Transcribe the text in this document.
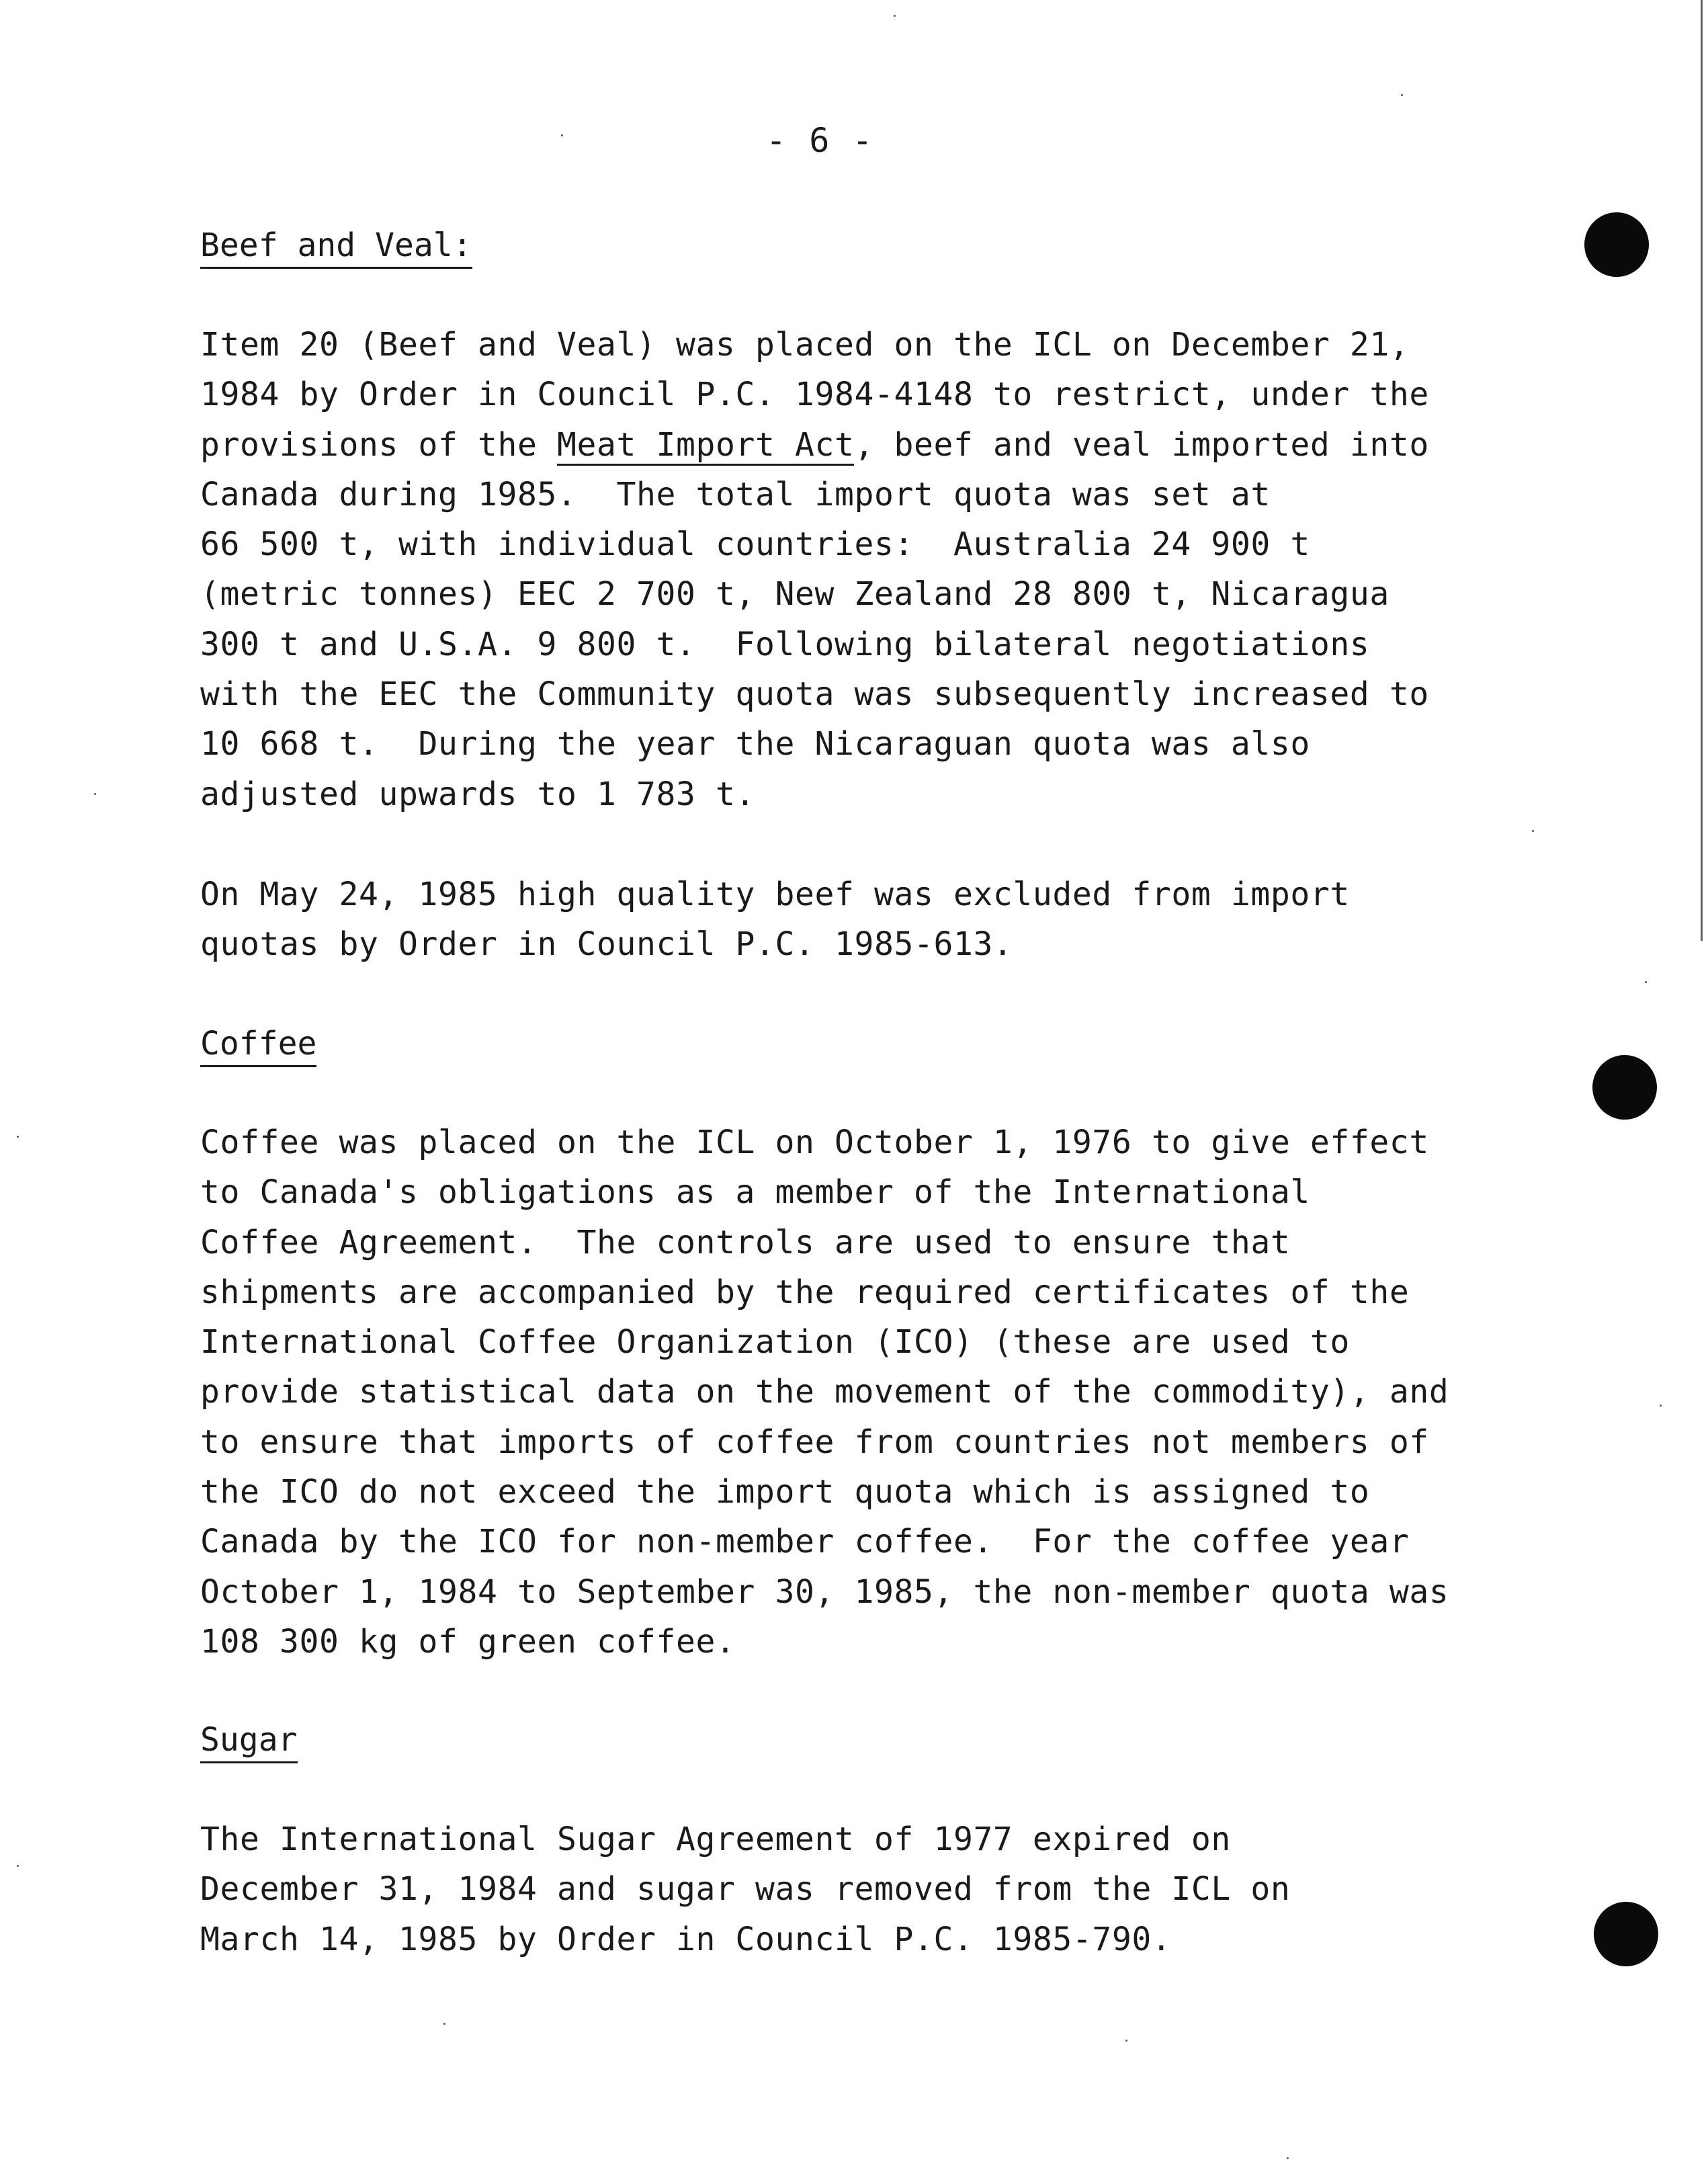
- 6 -
Beef and Veal:

Item 20 (Beef and Veal) was placed on the ICL on December 21,
1984 by Order in Council P.C. 1984-4148 to restrict, under the
provisions of the Meat Import Act, beef and veal imported into
Canada during 1985.  The total import quota was set at
66 500 t, with individual countries:  Australia 24 900 t
(metric tonnes) EEC 2 700 t, New Zealand 28 800 t, Nicaragua
300 t and U.S.A. 9 800 t.  Following bilateral negotiations
with the EEC the Community quota was subsequently increased to
10 668 t.  During the year the Nicaraguan quota was also
adjusted upwards to 1 783 t.

On May 24, 1985 high quality beef was excluded from import
quotas by Order in Council P.C. 1985-613.

Coffee

Coffee was placed on the ICL on October 1, 1976 to give effect
to Canada's obligations as a member of the International
Coffee Agreement.  The controls are used to ensure that
shipments are accompanied by the required certificates of the
International Coffee Organization (ICO) (these are used to
provide statistical data on the movement of the commodity), and
to ensure that imports of coffee from countries not members of
the ICO do not exceed the import quota which is assigned to
Canada by the ICO for non-member coffee.  For the coffee year
October 1, 1984 to September 30, 1985, the non-member quota was
108 300 kg of green coffee.

Sugar

The International Sugar Agreement of 1977 expired on
December 31, 1984 and sugar was removed from the ICL on
March 14, 1985 by Order in Council P.C. 1985-790.
